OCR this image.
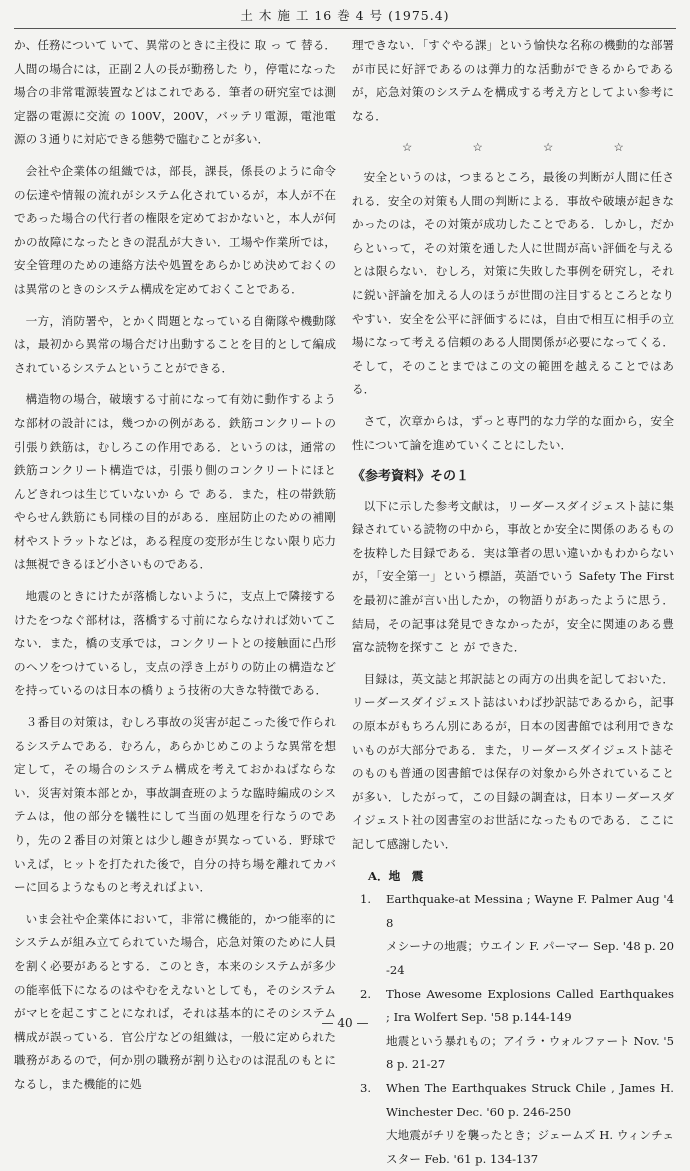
土 木 施 工 16 巻 4 号 (1975.4)

か、任務について いて、異常のときに主役に 取 っ て 替る．人間の場合には，正副２人の長が勤務した り，停電になった場合の非常電源装置などはこれである．筆者の研究室では測定器の電源に交流 の 100V，200V，バッテリ電源，電池電源の３通りに対応できる態勢で臨むことが多い．

会社や企業体の組織では，部長，課長，係長のように命令の伝達や情報の流れがシステム化されているが，本人が不在であった場合の代行者の権限を定めておかないと，本人が何かの故障になったときの混乱が大きい．工場や作業所では，安全管理のための連絡方法や処置をあらかじめ決めておくのは異常のときのシステム構成を定めておくことである．

一方，消防署や，とかく問題となっている自衛隊や機動隊は，最初から異常の場合だけ出動することを目的として編成されているシステムということができる．

構造物の場合，破壊する寸前になって有効に動作するような部材の設計には，幾つかの例がある．鉄筋コンクリートの引張り鉄筋は，むしろこの作用である．というのは，通常の鉄筋コンクリート構造では，引張り側のコンクリートにほとんどきれつは生じていないか ら で ある．また，柱の帯鉄筋やらせん鉄筋にも同様の目的がある．座屈防止のための補剛材やストラットなどは，ある程度の変形が生じない限り応力は無視できるほど小さいものである．

地震のときにけたが落橋しないように，支点上で隣接するけたをつなぐ部材は，落橋する寸前にならなければ効いてこない．また，橋の支承では，コンクリートとの接触面に凸形のヘソをつけているし，支点の浮き上がりの防止の構造などを持っているのは日本の橋りょう技術の大きな特徴である．

３番目の対策は，むしろ事故の災害が起こった後で作られるシステムである．むろん，あらかじめこのような異常を想定して，その場合のシステム構成を考えておかねばならない．災害対策本部とか，事故調査班のような臨時編成のシステムは，他の部分を犠牲にして当面の処理を行なうのであり，先の２番目の対策とは少し趣きが異なっている．野球でいえば，ヒットを打たれた後で，自分の持ち場を離れてカバーに回るようなものと考えればよい．

いま会社や企業体において，非常に機能的，かつ能率的にシステムが組み立てられていた場合，応急対策のために人員を割く必要があるとする．このとき，本来のシステムが多少の能率低下になるのはやむをえないとしても，そのシステムがマヒを起こすことになれば，それは基本的にそのシステム構成が誤っている．官公庁などの組織は，一般に定められた職務があるので，何か別の職務が割り込むのは混乱のもとになるし，また機能的に処

理できない．「すぐやる課」という愉快な名称の機動的な部署が市民に好評であるのは弾力的な活動ができるからであるが，応急対策のシステムを構成する考え方としてよい参考になる．

☆	☆	☆	☆

安全というのは，つまるところ，最後の判断が人間に任される．安全の対策も人間の判断による．事故や破壊が起きなかったのは，その対策が成功したことである．しかし，だからといって，その対策を通した人に世間が高い評価を与えるとは限らない．むしろ，対策に失敗した事例を研究し，それに鋭い評論を加える人のほうが世間の注目するところとなりやすい．安全を公平に評価するには，自由で相互に相手の立場になって考える信頼のある人間関係が必要になってくる．そして，そのことまではこの文の範囲を越えることではある．

さて，次章からは，ずっと専門的な力学的な面から，安全性について論を進めていくことにしたい．

《参考資料》その１

以下に示した参考文献は，リーダースダイジェスト誌に集録されている読物の中から，事故とか安全に関係のあるものを抜粋した目録である．実は筆者の思い違いかもわからないが，「安全第一」という標語，英語でいう Safety The First を最初に誰が言い出したか，の物語りがあったように思う．結局，その記事は発見できなかったが，安全に関連のある豊富な読物を探すこ と が できた．

目録は，英文誌と邦訳誌との両方の出典を記しておいた．リーダースダイジェスト誌はいわば抄訳誌であるから，記事の原本がもちろん別にあるが，日本の図書館では利用できないものが大部分である．また，リーダースダイジェスト誌そのものも普通の図書館では保存の対象から外されていることが多い．したがって，この目録の調査は，日本リーダースダイジェスト社の図書室のお世話になったものである．ここに記して感謝したい．

A．地　震
1.	Earthquake-at Messina ; Wayne F. Palmer Aug '48
メシーナの地震；ウエイン F. パーマー Sep. '48 p. 20-24
2.	Those Awesome Explosions Called Earthquakes ; Ira Wolfert Sep. '58 p.144-149
地震という暴れもの；アイラ・ウォルファート Nov. '58 p. 21-27
3.	When The Earthquakes Struck Chile , James H. Winchester Dec. '60 p. 246-250
大地震がチリを襲ったとき；ジェームズ H. ウィンチェスター Feb. '61 p. 134-137
— 40 —
